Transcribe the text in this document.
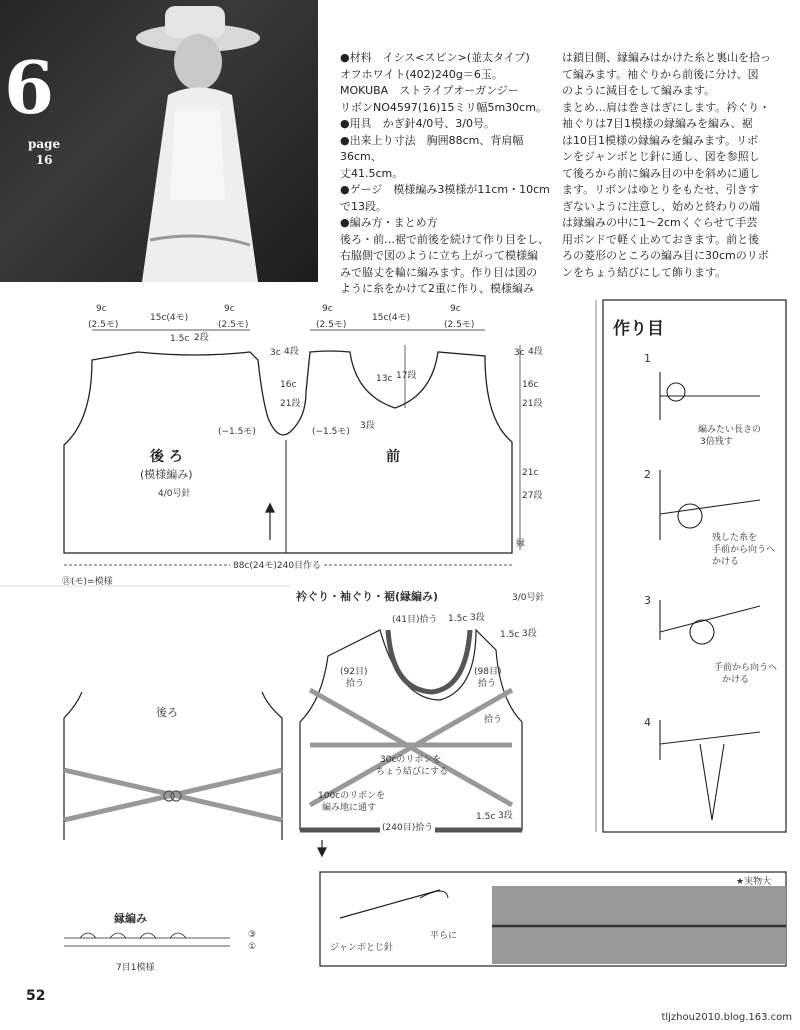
6
page
16

●材料　イシス<スピン>(並太タイプ)

オフホワイト(402)240g＝6玉。

MOKUBA　ストライプオーガンジー

リボンNO4597(16)15ミリ幅5m30cm。

●用具　かぎ針4/0号、3/0号。

●出来上り寸法　胸囲88cm、背肩幅36cm、

丈41.5cm。

●ゲージ　模様編み3模様が11cm・10cm

で13段。

●編み方・まとめ方

後ろ・前…裾で前後を続けて作り目をし、

右脇側で図のように立ち上がって模様編

みで脇丈を輪に編みます。作り目は図の

ように糸をかけて2重に作り、模様編み

は鎖目側、縁編みはかけた糸と裏山を拾っ

て編みます。袖ぐりから前後に分け、図

のように減目をして編みます。

まとめ…肩は巻きはぎにします。衿ぐり・

袖ぐりは7目1模様の縁編みを編み、裾

は10目1模様の縁編みを編みます。リボ

ンをジャンボとじ針に通し、図を参照し

て後ろから前に編み目の中を斜めに通し

ます。リボンはゆとりをもたせ、引きす

ぎないように注意し、始めと終わりの端

は縁編みの中に1～2cmくぐらせて手芸

用ボンドで軽く止めておきます。前と後

ろの菱形のところの編み目に30cmのリボ

ンをちょう結びにして飾ります。

9c
(2.5モ)
15c(4モ)
9c
(2.5モ)
9c
(2.5モ)
15c(4モ)
9c
(2.5モ)
1.5c 2段
3c 4段
16c
21段
13c 17段
(−1.5モ)	(−1.5モ)
3段
3c 4段
16c
21段
21c
27段
縁
後 ろ
(模様編み)
4/0号針
前
88c(24モ)240目作る
㊟(モ)=模様
衿ぐり・袖ぐり・裾(縁編み)	3/0号針
(41目)拾う 1.5c 3段
1.5c 3段
(92目)
拾う
(98目)
拾う
拾う
30cのリボンを
ちょう結びにする
100cのリボンを
編み地に通す
(240目)拾う
1.5c 3段
後ろ
縁編み
7目1模様
③
①
作り目
1
2
3
4
編みたい長さの
3倍残す
残した糸を
手前から向うへ
かける
手前から向うへ
かける
ジャンボとじ針
平らに
★実物大
52
tljzhou2010.blog.163.com
